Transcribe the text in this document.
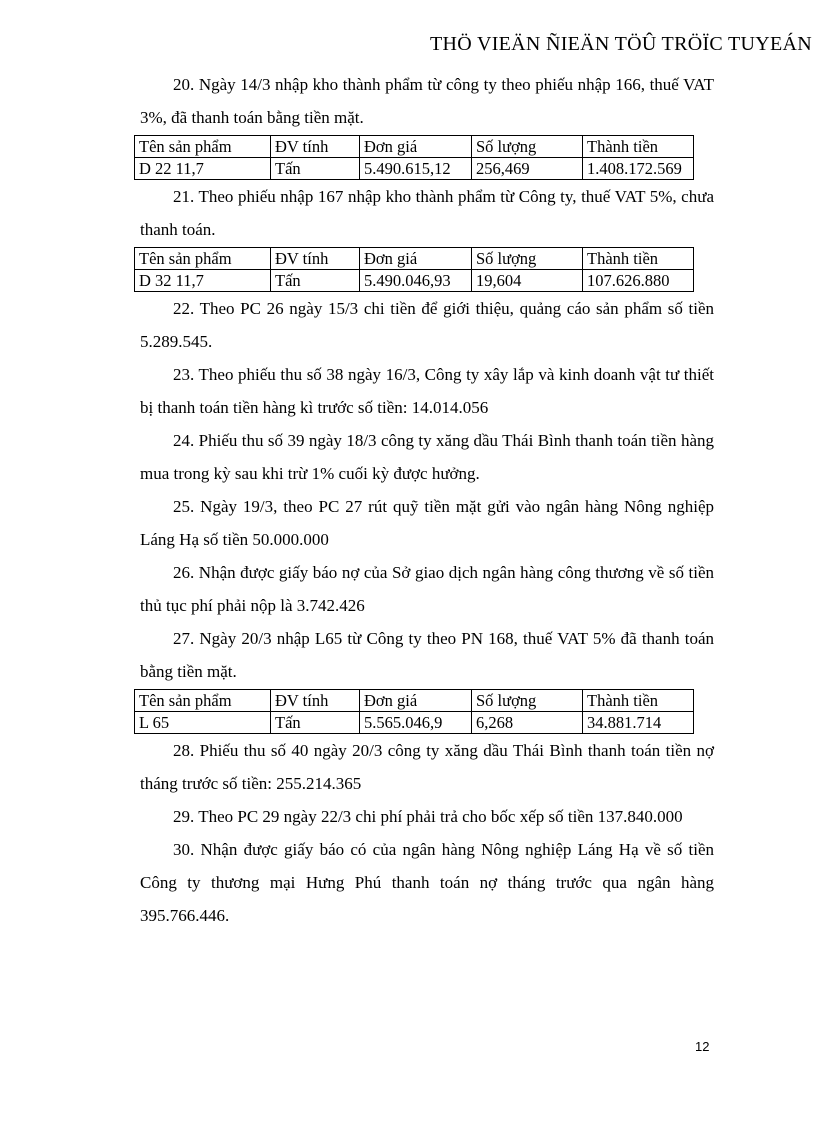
THÖ VIEÄN ÑIEÄN TÖÛ TRÖÏC TUYEÁN

20. Ngày 14/3 nhập kho thành phẩm từ công ty theo phiếu nhập 166, thuế VAT 3%, đã thanh toán bằng tiền mặt.

Tên sản phẩm	ĐV tính	Đơn giá	Số lượng	Thành tiền
D 22 11,7	Tấn	5.490.615,12	256,469	1.408.172.569

21. Theo phiếu nhập 167 nhập kho thành phẩm từ Công ty, thuế VAT 5%, chưa thanh toán.

Tên sản phẩm	ĐV tính	Đơn giá	Số lượng	Thành tiền
D 32 11,7	Tấn	5.490.046,93	19,604	107.626.880

22. Theo PC 26 ngày 15/3 chi tiền để giới thiệu, quảng cáo sản phẩm số tiền 5.289.545.

23. Theo phiếu thu số 38 ngày 16/3, Công ty xây lắp và kinh doanh vật tư thiết bị thanh toán tiền hàng kì trước số tiền: 14.014.056

24. Phiếu thu số 39 ngày 18/3 công ty xăng dầu Thái Bình thanh toán tiền hàng mua trong kỳ sau khi trừ 1% cuối kỳ được hưởng.

25. Ngày 19/3, theo PC 27 rút quỹ tiền mặt gửi vào ngân hàng Nông nghiệp Láng Hạ số tiền 50.000.000

26. Nhận được giấy báo nợ của Sở giao dịch ngân hàng công thương về số tiền thủ tục phí phải nộp là 3.742.426

27. Ngày 20/3 nhập L65 từ Công ty theo PN 168, thuế VAT 5% đã thanh toán bằng tiền mặt.

Tên sản phẩm	ĐV tính	Đơn giá	Số lượng	Thành tiền
L 65	Tấn	5.565.046,9	6,268	34.881.714

28. Phiếu thu số 40 ngày 20/3 công ty xăng dầu Thái Bình thanh toán tiền nợ tháng trước số tiền: 255.214.365

29. Theo PC 29 ngày 22/3 chi phí phải trả cho bốc xếp số tiền 137.840.000

30. Nhận được giấy báo có của ngân hàng Nông nghiệp Láng Hạ về số tiền Công ty thương mại Hưng Phú thanh toán nợ tháng trước qua ngân hàng 395.766.446.

12
